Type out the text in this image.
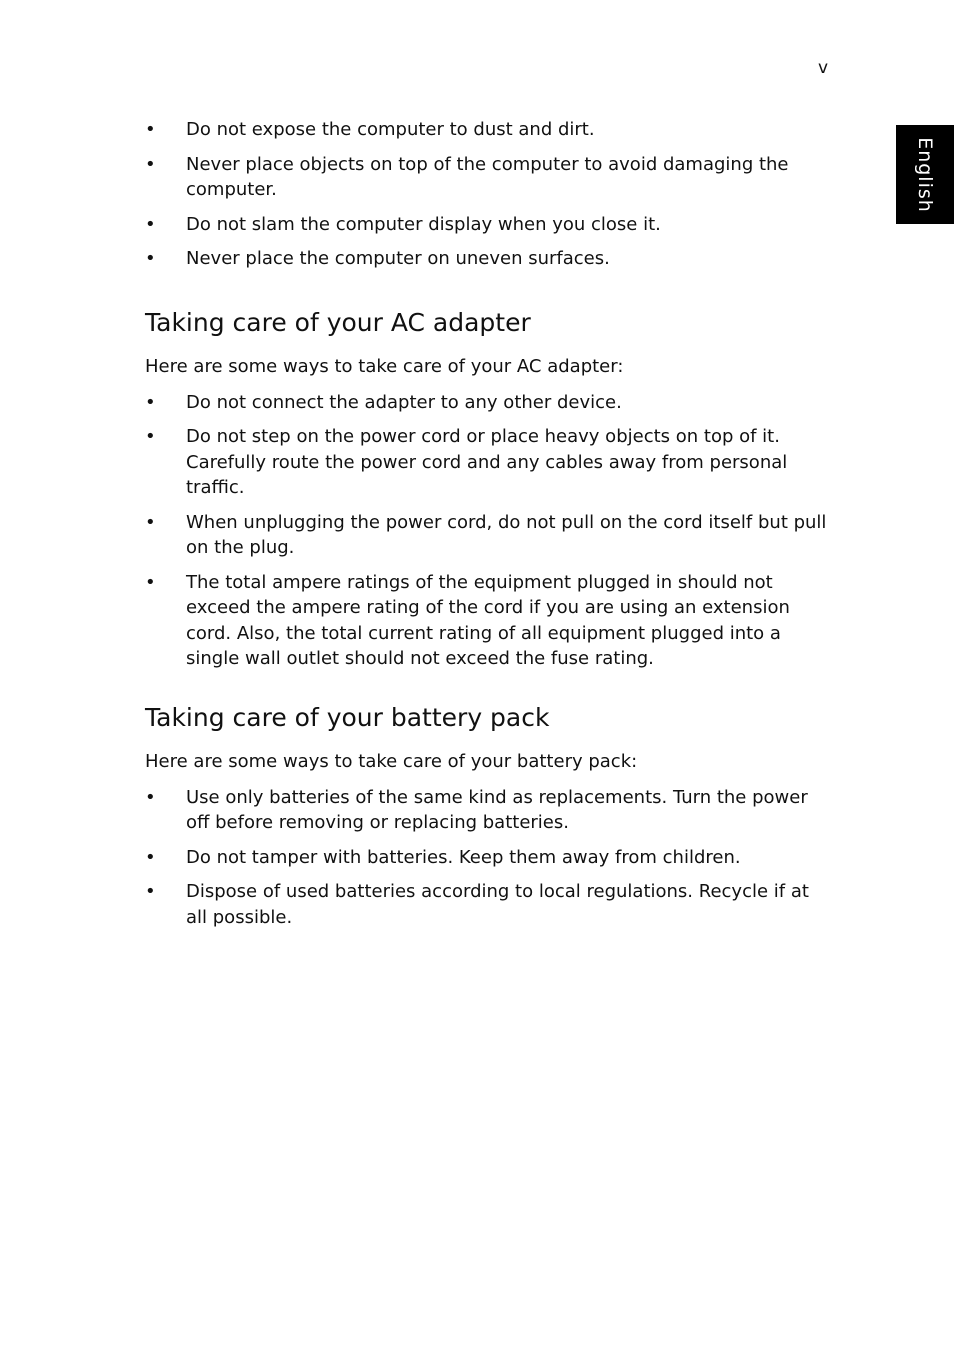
v
English
• Do not expose the computer to dust and dirt.
• Never place objects on top of the computer to avoid damaging the computer.
• Do not slam the computer display when you close it.
• Never place the computer on uneven surfaces.
Taking care of your AC adapter

Here are some ways to take care of your AC adapter:

• Do not connect the adapter to any other device.
• Do not step on the power cord or place heavy objects on top of it. Carefully route the power cord and any cables away from personal traffic.
• When unplugging the power cord, do not pull on the cord itself but pull on the plug.
• The total ampere ratings of the equipment plugged in should not exceed the ampere rating of the cord if you are using an extension cord. Also, the total current rating of all equipment plugged into a single wall outlet should not exceed the fuse rating.
Taking care of your battery pack

Here are some ways to take care of your battery pack:

• Use only batteries of the same kind as replacements. Turn the power off before removing or replacing batteries.
• Do not tamper with batteries. Keep them away from children.
• Dispose of used batteries according to local regulations. Recycle if at all possible.
